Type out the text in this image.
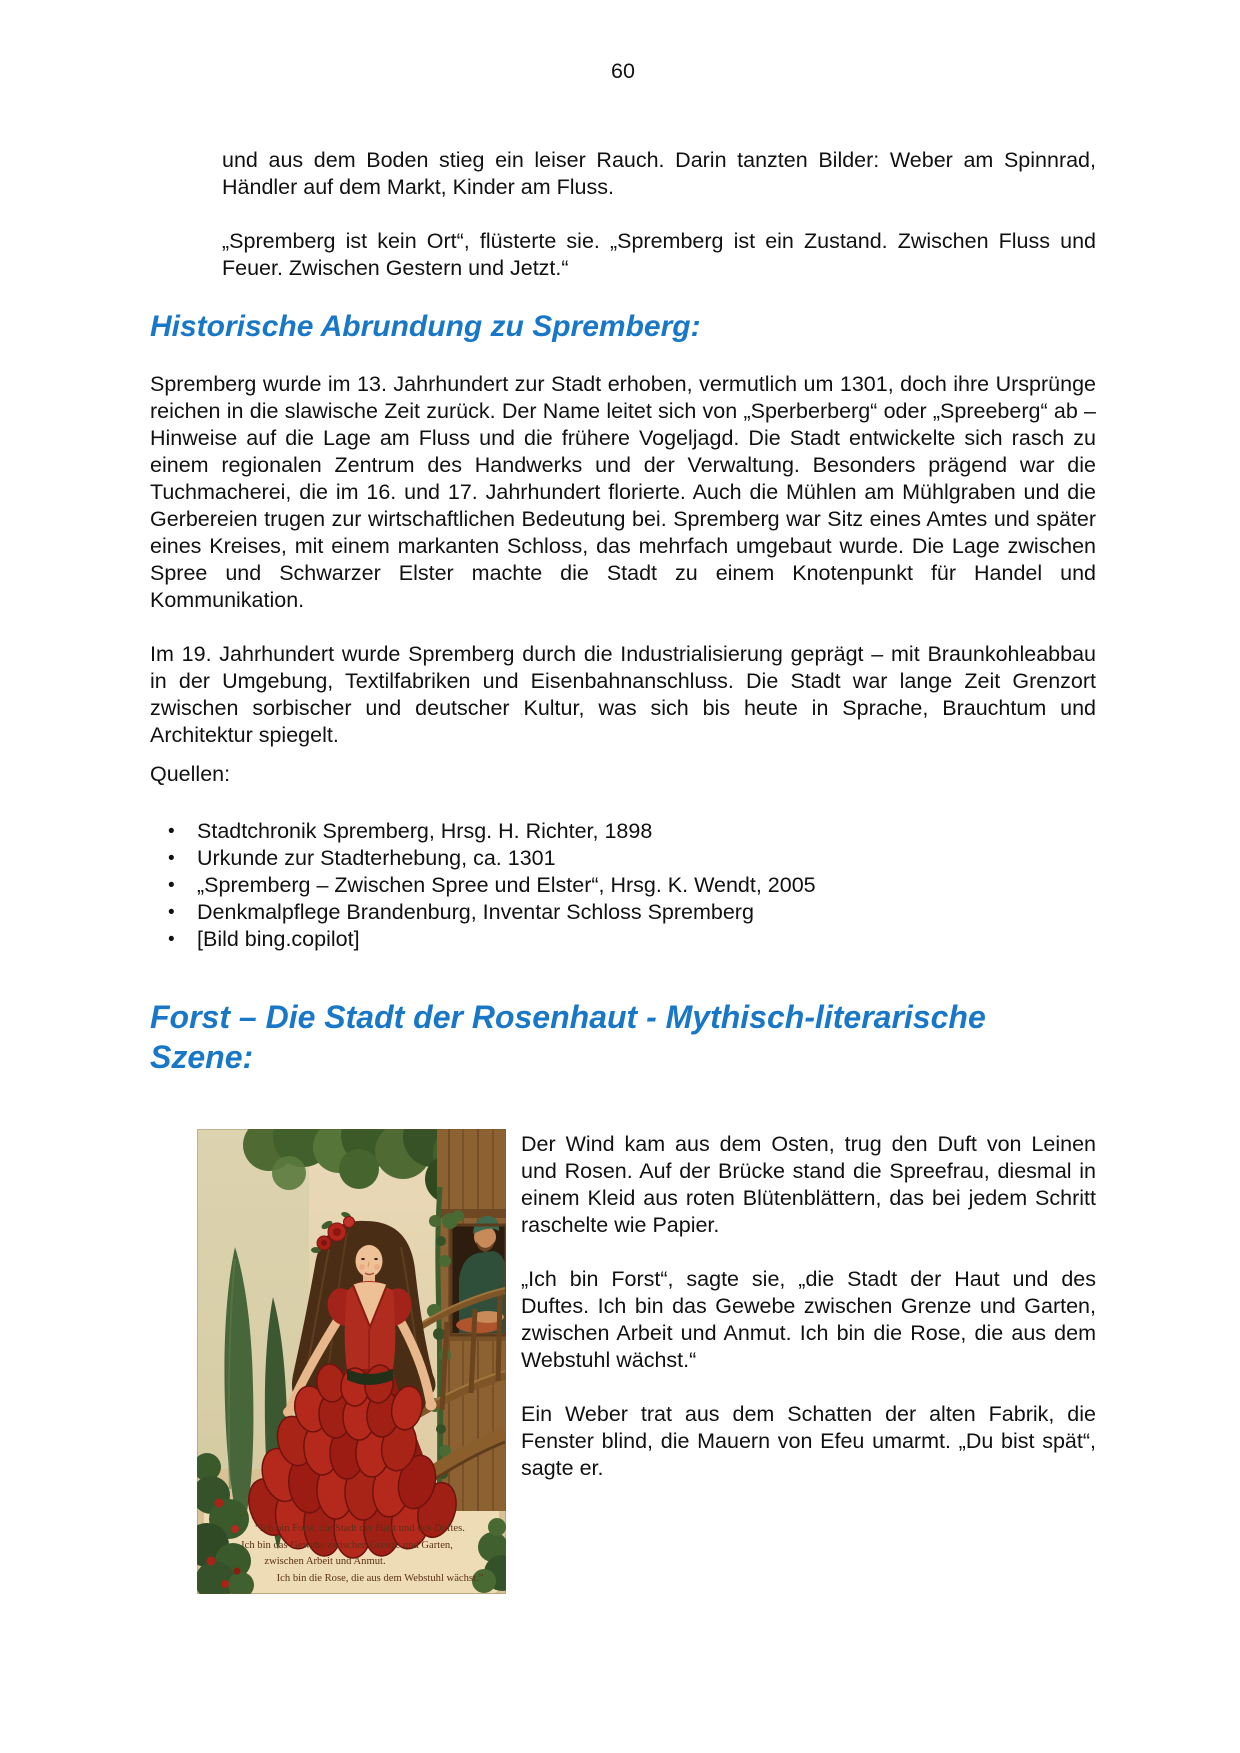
60

und aus dem Boden stieg ein leiser Rauch. Darin tanzten Bilder: Weber am Spinnrad, Händler auf dem Markt, Kinder am Fluss.

„Spremberg ist kein Ort“, flüsterte sie. „Spremberg ist ein Zustand. Zwischen Fluss und Feuer. Zwischen Gestern und Jetzt.“

Historische Abrundung zu Spremberg:

Spremberg wurde im 13. Jahrhundert zur Stadt erhoben, vermutlich um 1301, doch ihre Ursprünge reichen in die slawische Zeit zurück. Der Name leitet sich von „Sperberberg“ oder „Spreeberg“ ab – Hinweise auf die Lage am Fluss und die frühere Vogeljagd. Die Stadt entwickelte sich rasch zu einem regionalen Zentrum des Handwerks und der Verwaltung. Besonders prägend war die Tuchmacherei, die im 16. und 17. Jahrhundert florierte. Auch die Mühlen am Mühlgraben und die Gerbereien trugen zur wirtschaftlichen Bedeutung bei. Spremberg war Sitz eines Amtes und später eines Kreises, mit einem markanten Schloss, das mehrfach umgebaut wurde. Die Lage zwischen Spree und Schwarzer Elster machte die Stadt zu einem Knotenpunkt für Handel und Kommunikation.

Im 19. Jahrhundert wurde Spremberg durch die Industrialisierung geprägt – mit Braunkohleabbau in der Umgebung, Textilfabriken und Eisenbahnanschluss. Die Stadt war lange Zeit Grenzort zwischen sorbischer und deutscher Kultur, was sich bis heute in Sprache, Brauchtum und Architektur spiegelt.

Quellen:

• Stadtchronik Spremberg, Hrsg. H. Richter, 1898
• Urkunde zur Stadterhebung, ca. 1301
• „Spremberg – Zwischen Spree und Elster“, Hrsg. K. Wendt, 2005
• Denkmalpflege Brandenburg, Inventar Schloss Spremberg
• [Bild bing.copilot]
Forst – Die Stadt der Rosenhaut - Mythisch-literarische Szene:
“Ich bin Forst, die Stadt der Haut und des Duftes.
Ich bin das Gewebe zwischen Grenze und Garten,
zwischen Arbeit und Anmut.
Ich bin die Rose, die aus dem Webstuhl wächst.”

Der Wind kam aus dem Osten, trug den Duft von Leinen und Rosen. Auf der Brücke stand die Spreefrau, diesmal in einem Kleid aus roten Blütenblättern, das bei jedem Schritt raschelte wie Papier.

„Ich bin Forst“, sagte sie, „die Stadt der Haut und des Duftes. Ich bin das Gewebe zwischen Grenze und Garten, zwischen Arbeit und Anmut. Ich bin die Rose, die aus dem Webstuhl wächst.“

Ein Weber trat aus dem Schatten der alten Fabrik, die Fenster blind, die Mauern von Efeu umarmt. „Du bist spät“, sagte er.
